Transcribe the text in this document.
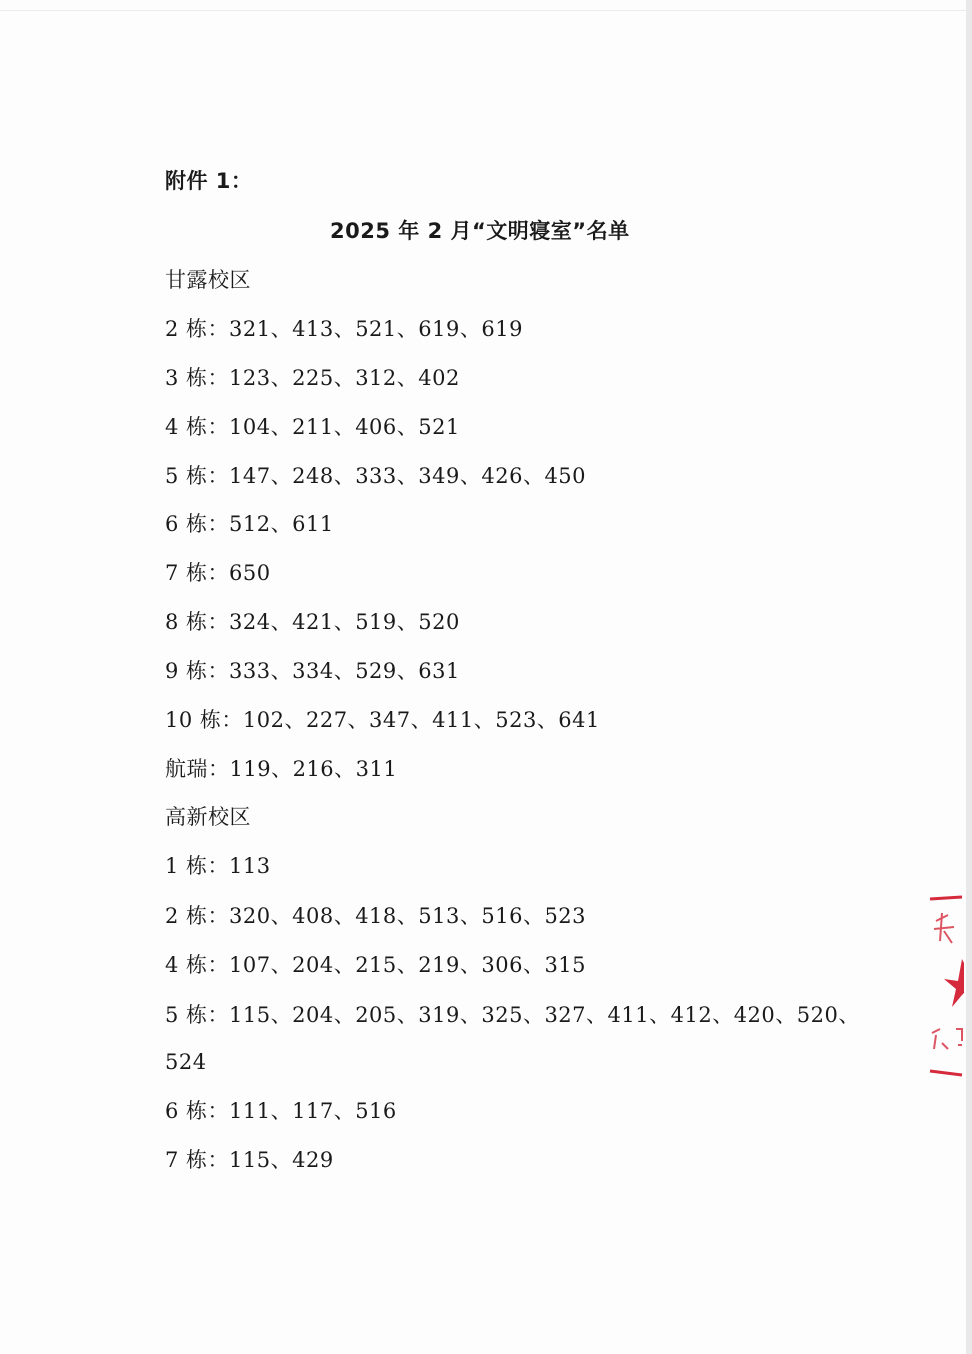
附件 1：
2025 年 2 月“文明寝室”名单
甘露校区
2 栋：321、413、521、619、619
3 栋：123、225、312、402
4 栋：104、211、406、521
5 栋：147、248、333、349、426、450
6 栋：512、611
7 栋：650
8 栋：324、421、519、520
9 栋：333、334、529、631
10 栋：102、227、347、411、523、641
航瑞：119、216、311
高新校区
1 栋：113
2 栋：320、408、418、513、516、523
4 栋：107、204、215、219、306、315
5 栋：115、204、205、319、325、327、411、412、420、520、
524
6 栋：111、117、516
7 栋：115、429
